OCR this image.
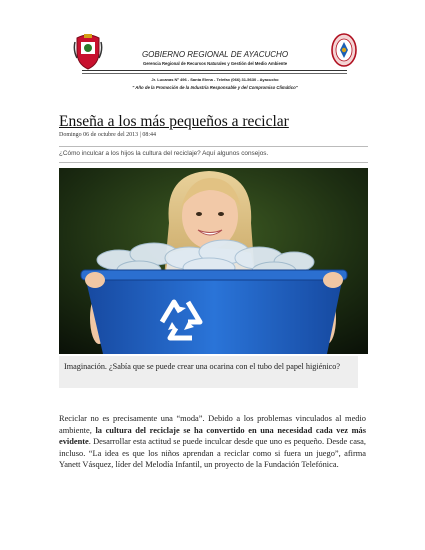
GOBIERNO REGIONAL DE AYACUCHO
Gerencia Regional de Recursos Naturales y Gestión del Medio Ambiente
Jr. Lucanas Nº 496 - Santa Elena - Telefax (066) 31-5630 - Ayacucho
" Año de la Promoción de la Industria Responsable y del Compromiso Climático"
Enseña a los más pequeños a reciclar
Domingo 06 de octubre del 2013 | 08:44
¿Cómo inculcar a los hijos la cultura del reciclaje? Aquí algunos consejos.
Imaginación. ¿Sabía que se puede crear una ocarina con el tubo del papel higiénico?
Reciclar no es precisamente una “moda”. Debido a los problemas vinculados al medio ambiente, la cultura del reciclaje se ha convertido en una necesidad cada vez más evidente. Desarrollar esta actitud se puede inculcar desde que uno es pequeño. Desde casa, incluso. “La idea es que los niños aprendan a reciclar como si fuera un juego”, afirma Yanett Vásquez, líder del Melodía Infantil, un proyecto de la Fundación Telefónica.
